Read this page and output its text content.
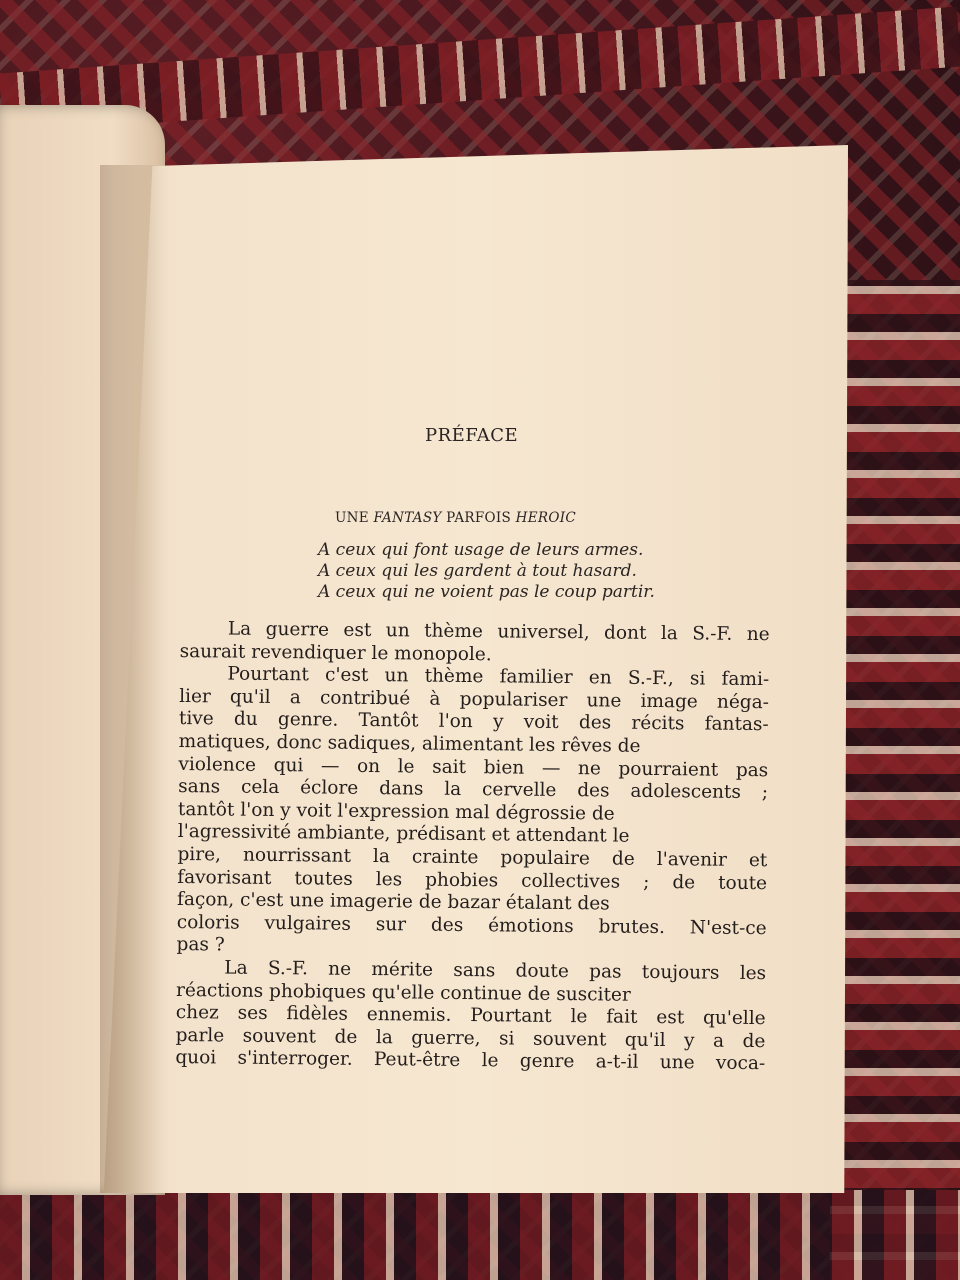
PRÉFACE
UNE FANTASY PARFOIS HEROIC
A ceux qui font usage de leurs armes.
A ceux qui les gardent à tout hasard.
A ceux qui ne voient pas le coup partir.
La guerre est un thème universel, dont la S.-F. ne
saurait revendiquer le monopole.
Pourtant c'est un thème familier en S.-F., si fami-
lier qu'il a contribué à populariser une image néga-
tive du genre. Tantôt l'on y voit des récits fantas-
matiques, donc sadiques, alimentant les rêves de
violence qui — on le sait bien — ne pourraient pas
sans cela éclore dans la cervelle des adolescents ;
tantôt l'on y voit l'expression mal dégrossie de
l'agressivité ambiante, prédisant et attendant le
pire, nourrissant la crainte populaire de l'avenir et
favorisant toutes les phobies collectives ; de toute
façon, c'est une imagerie de bazar étalant des
coloris vulgaires sur des émotions brutes. N'est-ce
pas ?
La S.-F. ne mérite sans doute pas toujours les
réactions phobiques qu'elle continue de susciter
chez ses fidèles ennemis. Pourtant le fait est qu'elle
parle souvent de la guerre, si souvent qu'il y a de
quoi s'interroger. Peut-être le genre a-t-il une voca-
